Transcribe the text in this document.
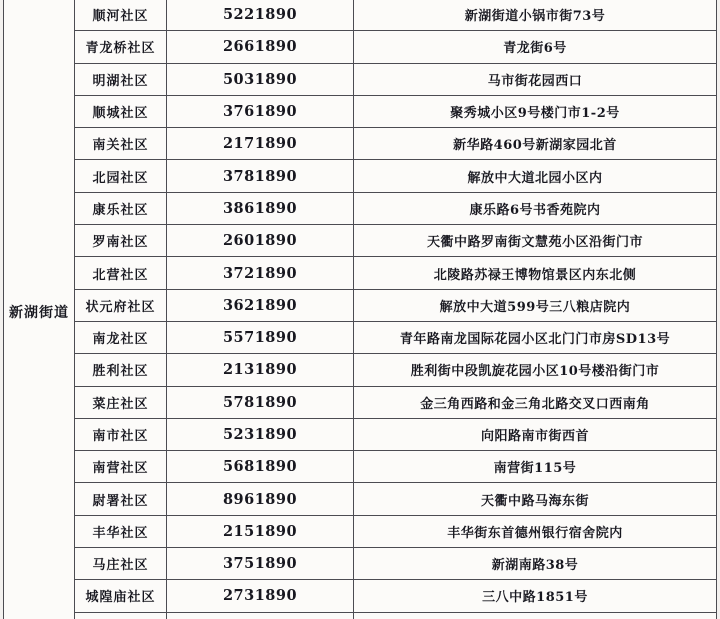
新湖街道	顺河社区	5221890	新湖街道小锅市街73号
	青龙桥社区	2661890	青龙街6号
	明湖社区	5031890	马市街花园西口
	顺城社区	3761890	聚秀城小区9号楼门市1-2号
	南关社区	2171890	新华路460号新湖家园北首
	北园社区	3781890	解放中大道北园小区内
	康乐社区	3861890	康乐路6号书香苑院内
	罗南社区	2601890	天衢中路罗南街文慧苑小区沿街门市
	北营社区	3721890	北陵路苏禄王博物馆景区内东北侧
	状元府社区	3621890	解放中大道599号三八粮店院内
	南龙社区	5571890	青年路南龙国际花园小区北门门市房SD13号
	胜利社区	2131890	胜利街中段凯旋花园小区10号楼沿街门市
	菜庄社区	5781890	金三角西路和金三角北路交叉口西南角
	南市社区	5231890	向阳路南市街西首
	南营社区	5681890	南营街115号
	尉署社区	8961890	天衢中路马海东街
	丰华社区	2151890	丰华街东首德州银行宿舍院内
	马庄社区	3751890	新湖南路38号
	城隍庙社区	2731890	三八中路1851号
